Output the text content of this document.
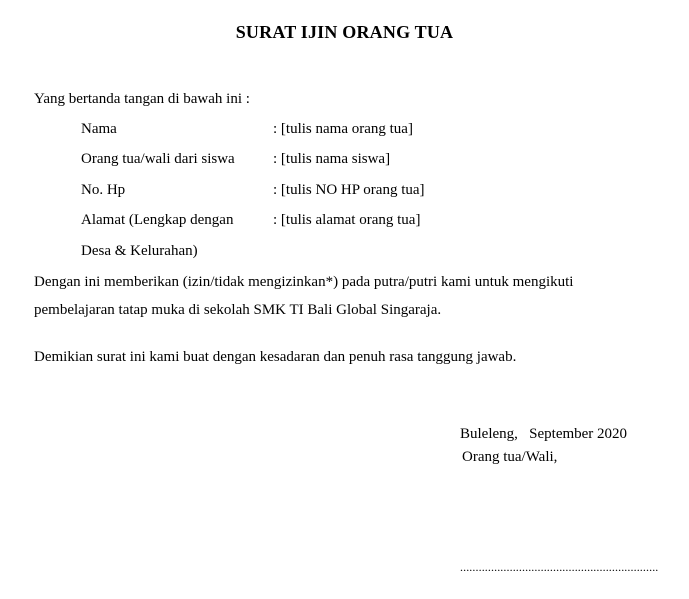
SURAT IJIN ORANG TUA
Yang bertanda tangan di bawah ini :
Nama	: [tulis nama orang tua]
Orang tua/wali dari siswa	: [tulis nama siswa]
No. Hp	: [tulis NO HP orang tua]
Alamat (Lengkap dengan	: [tulis alamat orang tua]
Desa & Kelurahan)
Dengan ini memberikan (izin/tidak mengizinkan*) pada putra/putri kami untuk mengikuti
pembelajaran tatap muka di sekolah SMK TI Bali Global Singaraja.
Demikian surat ini kami buat dengan kesadaran dan penuh rasa tanggung jawab.
Buleleng,   September 2020
Orang tua/Wali,
................................................................
